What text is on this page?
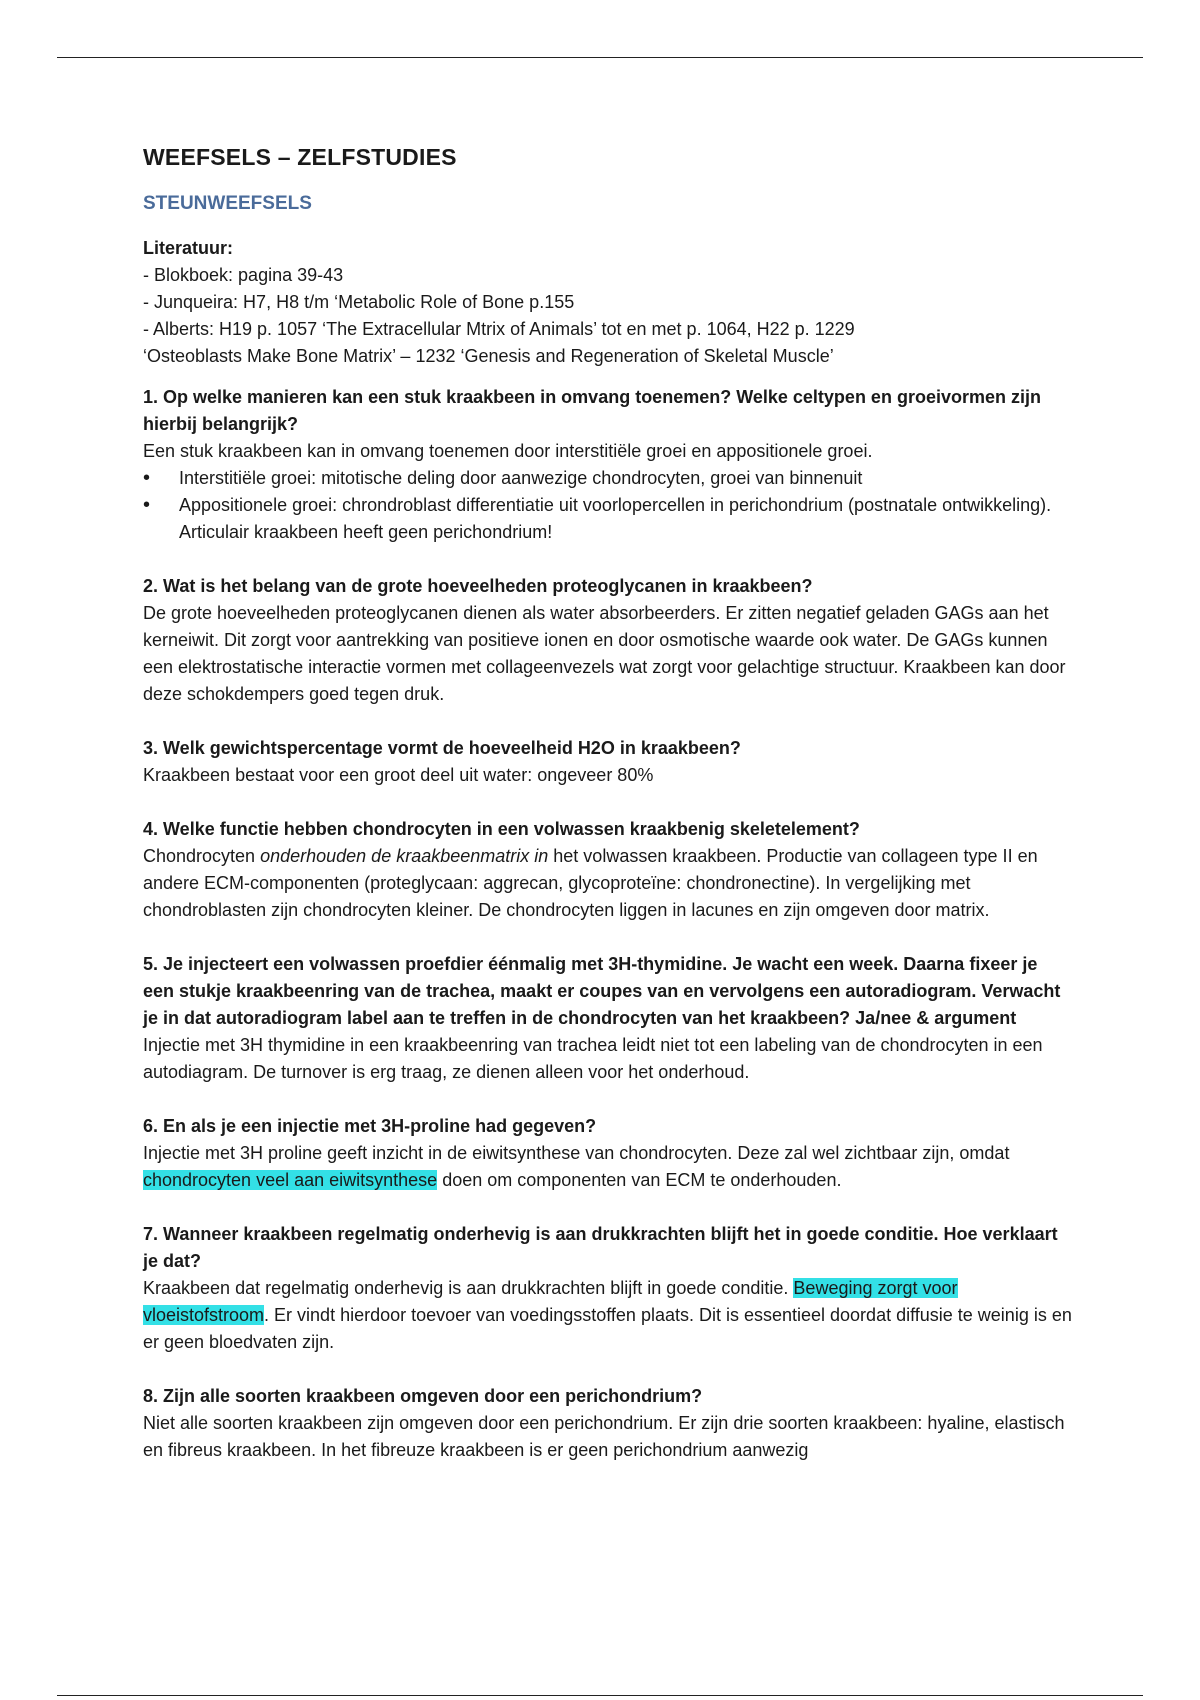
WEEFSELS – ZELFSTUDIES
STEUNWEEFSELS

Literatuur:

- Blokboek: pagina 39-43

- Junqueira: H7, H8 t/m ‘Metabolic Role of Bone p.155

- Alberts: H19 p. 1057 ‘The Extracellular Mtrix of Animals’ tot en met p. 1064, H22 p. 1229

‘Osteoblasts Make Bone Matrix’ – 1232 ‘Genesis and Regeneration of Skeletal Muscle’

1. Op welke manieren kan een stuk kraakbeen in omvang toenemen? Welke celtypen en groeivormen zijn hierbij belangrijk?

Een stuk kraakbeen kan in omvang toenemen door interstitiële groei en appositionele groei.

• Interstitiële groei: mitotische deling door aanwezige chondrocyten, groei van binnenuit
• Appositionele groei: chrondroblast differentiatie uit voorlopercellen in perichondrium (postnatale ontwikkeling). Articulair kraakbeen heeft geen perichondrium!

2. Wat is het belang van de grote hoeveelheden proteoglycanen in kraakbeen?

De grote hoeveelheden proteoglycanen dienen als water absorbeerders. Er zitten negatief geladen GAGs aan het kerneiwit. Dit zorgt voor aantrekking van positieve ionen en door osmotische waarde ook water. De GAGs kunnen een elektrostatische interactie vormen met collageenvezels wat zorgt voor gelachtige structuur. Kraakbeen kan door deze schokdempers goed tegen druk.

3. Welk gewichtspercentage vormt de hoeveelheid H2O in kraakbeen?

Kraakbeen bestaat voor een groot deel uit water: ongeveer 80%

4. Welke functie hebben chondrocyten in een volwassen kraakbenig skeletelement?

Chondrocyten onderhouden de kraakbeenmatrix in het volwassen kraakbeen. Productie van collageen type II en andere ECM-componenten (proteglycaan: aggrecan, glycoproteïne: chondronectine). In vergelijking met chondroblasten zijn chondrocyten kleiner. De chondrocyten liggen in lacunes en zijn omgeven door matrix.

5. Je injecteert een volwassen proefdier éénmalig met 3H-thymidine. Je wacht een week. Daarna fixeer je een stukje kraakbeenring van de trachea, maakt er coupes van en vervolgens een autoradiogram. Verwacht je in dat autoradiogram label aan te treffen in de chondrocyten van het kraakbeen? Ja/nee & argument

Injectie met 3H thymidine in een kraakbeenring van trachea leidt niet tot een labeling van de chondrocyten in een autodiagram. De turnover is erg traag, ze dienen alleen voor het onderhoud.

6. En als je een injectie met 3H-proline had gegeven?

Injectie met 3H proline geeft inzicht in de eiwitsynthese van chondrocyten. Deze zal wel zichtbaar zijn, omdat chondrocyten veel aan eiwitsynthese doen om componenten van ECM te onderhouden.

7. Wanneer kraakbeen regelmatig onderhevig is aan drukkrachten blijft het in goede conditie. Hoe verklaart je dat?

Kraakbeen dat regelmatig onderhevig is aan drukkrachten blijft in goede conditie. Beweging zorgt voor vloeistofstroom. Er vindt hierdoor toevoer van voedingsstoffen plaats. Dit is essentieel doordat diffusie te weinig is en er geen bloedvaten zijn.

8. Zijn alle soorten kraakbeen omgeven door een perichondrium?

Niet alle soorten kraakbeen zijn omgeven door een perichondrium. Er zijn drie soorten kraakbeen: hyaline, elastisch en fibreus kraakbeen. In het fibreuze kraakbeen is er geen perichondrium aanwezig
